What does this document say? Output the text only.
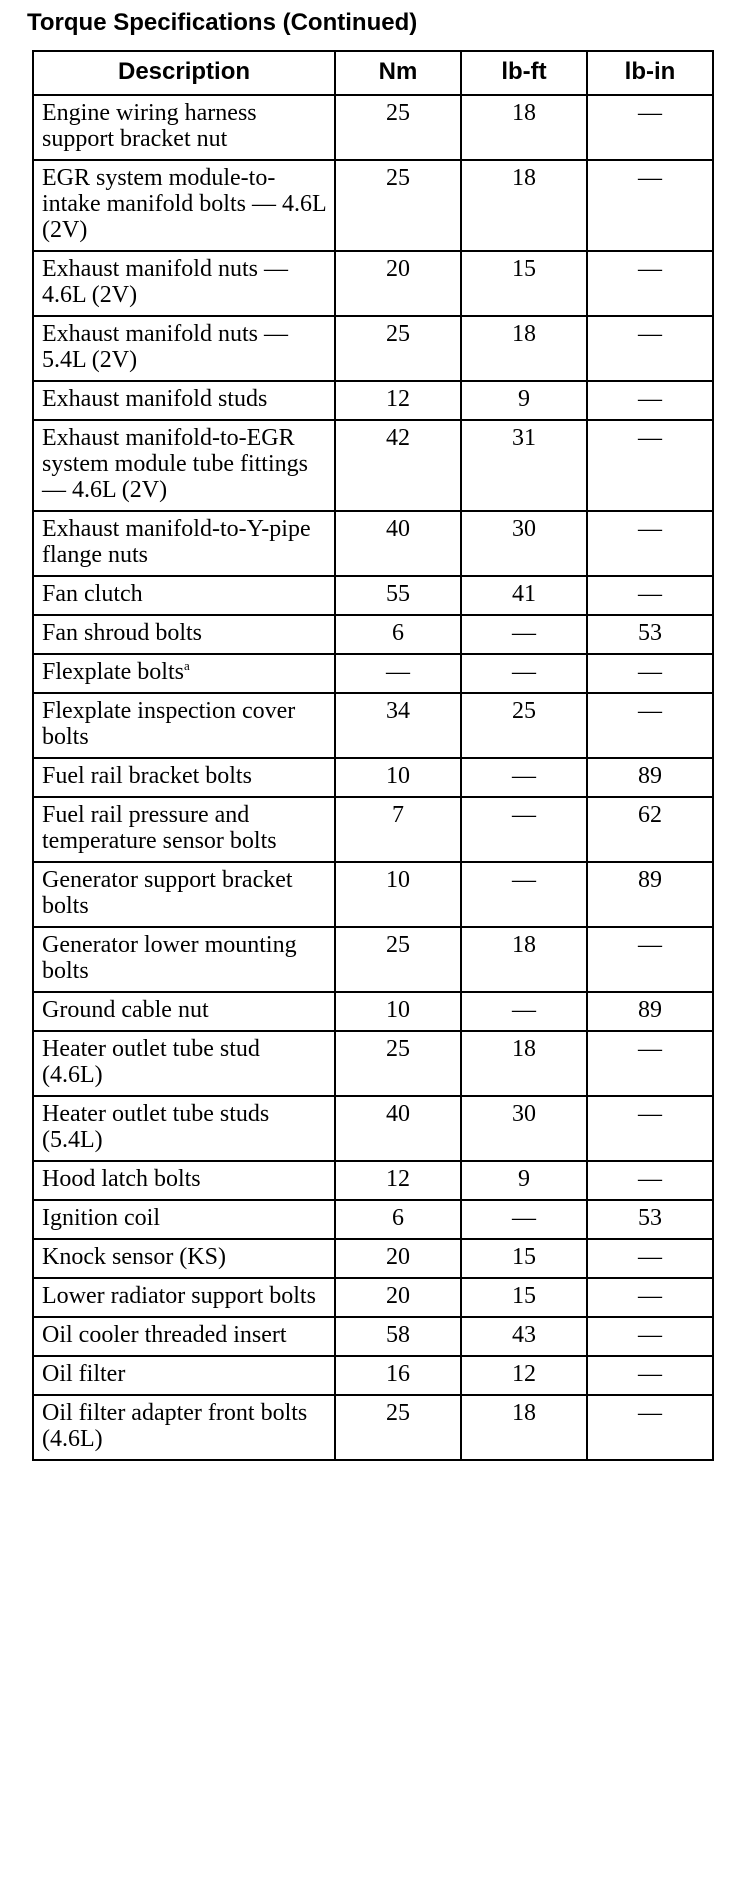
Torque Specifications (Continued)
Description	Nm	lb-ft	lb-in
Engine wiring harness support bracket nut	25	18	—
EGR system module-to-intake manifold bolts — 4.6L (2V)	25	18	—
Exhaust manifold nuts — 4.6L (2V)	20	15	—
Exhaust manifold nuts — 5.4L (2V)	25	18	—
Exhaust manifold studs	12	9	—
Exhaust manifold-to-EGR system module tube fittings — 4.6L (2V)	42	31	—
Exhaust manifold-to-Y-pipe flange nuts	40	30	—
Fan clutch	55	41	—
Fan shroud bolts	6	—	53
Flexplate bolts$^a$	—	—	—
Flexplate inspection cover bolts	34	25	—
Fuel rail bracket bolts	10	—	89
Fuel rail pressure and temperature sensor bolts	7	—	62
Generator support bracket bolts	10	—	89
Generator lower mounting bolts	25	18	—
Ground cable nut	10	—	89
Heater outlet tube stud (4.6L)	25	18	—
Heater outlet tube studs (5.4L)	40	30	—
Hood latch bolts	12	9	—
Ignition coil	6	—	53
Knock sensor (KS)	20	15	—
Lower radiator support bolts	20	15	—
Oil cooler threaded insert	58	43	—
Oil filter	16	12	—
Oil filter adapter front bolts (4.6L)	25	18	—
